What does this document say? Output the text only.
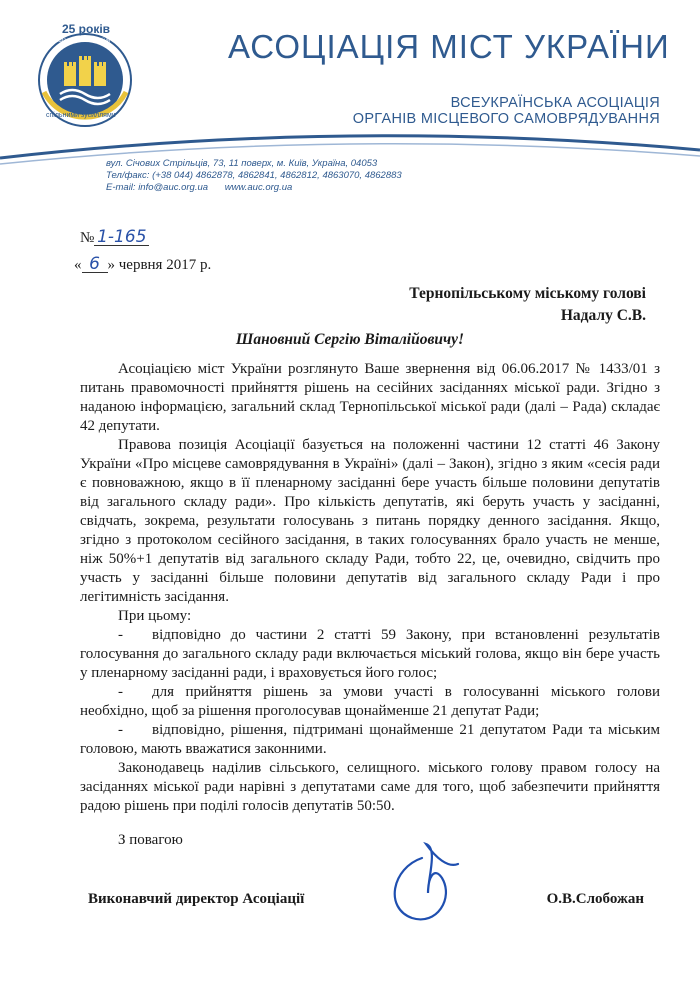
25 років
Асоціація міст України
спільними зусиллями
АСОЦІАЦІЯ МІСТ УКРАЇНИ
ВСЕУКРАЇНСЬКА АСОЦІАЦІЯ
ОРГАНІВ МІСЦЕВОГО САМОВРЯДУВАННЯ
вул. Січових Стрільців, 73, 11 поверх, м. Київ, Україна, 04053
Тел/факс: (+38 044) 4862878, 4862841, 4862812, 4863070, 4862883
E-mail: info@auc.org.ua www.auc.org.ua
№ 1-165
« 6 » червня 2017 р.
Тернопільському міському голові
Надалу С.В.
Шановний Сергію Віталійовичу!

Асоціацією міст України розглянуто Ваше звернення від 06.06.2017 № 1433/01 з питань правомочності прийняття рішень на сесійних засіданнях міської ради. Згідно з наданою інформацією, загальний склад Тернопільської міської ради (далі – Рада) складає 42 депутати.

Правова позиція Асоціації базується на положенні частини 12 статті 46 Закону України «Про місцеве самоврядування в Україні» (далі – Закон), згідно з яким «сесія ради є повноважною, якщо в її пленарному засіданні бере участь більше половини депутатів від загального складу ради». Про кількість депутатів, які беруть участь у засіданні, свідчать, зокрема, результати голосувань з питань порядку денного засідання. Якщо, згідно з протоколом сесійного засідання, в таких голосуваннях брало участь не менше, ніж 50%+1 депутатів від загального складу Ради, тобто 22, це, очевидно, свідчить про участь у засіданні більше половини депутатів від загального складу Ради і про легітимність засідання.

При цьому:

- відповідно до частини 2 статті 59 Закону, при встановленні результатів голосування до загального складу ради включається міський голова, якщо він бере участь у пленарному засіданні ради, і враховується його голос;

- для прийняття рішень за умови участі в голосуванні міського голови необхідно, щоб за рішення проголосував щонайменше 21 депутат Ради;

- відповідно, рішення, підтримані щонайменше 21 депутатом Ради та міським головою, мають вважатися законними.

Законодавець наділив сільського, селищного. міського голову правом голосу на засіданнях міської ради нарівні з депутатами саме для того, щоб забезпечити прийняття радою рішень при поділі голосів депутатів 50:50.

З повагою
Виконавчий директор Асоціації	О.В.Слобожан
